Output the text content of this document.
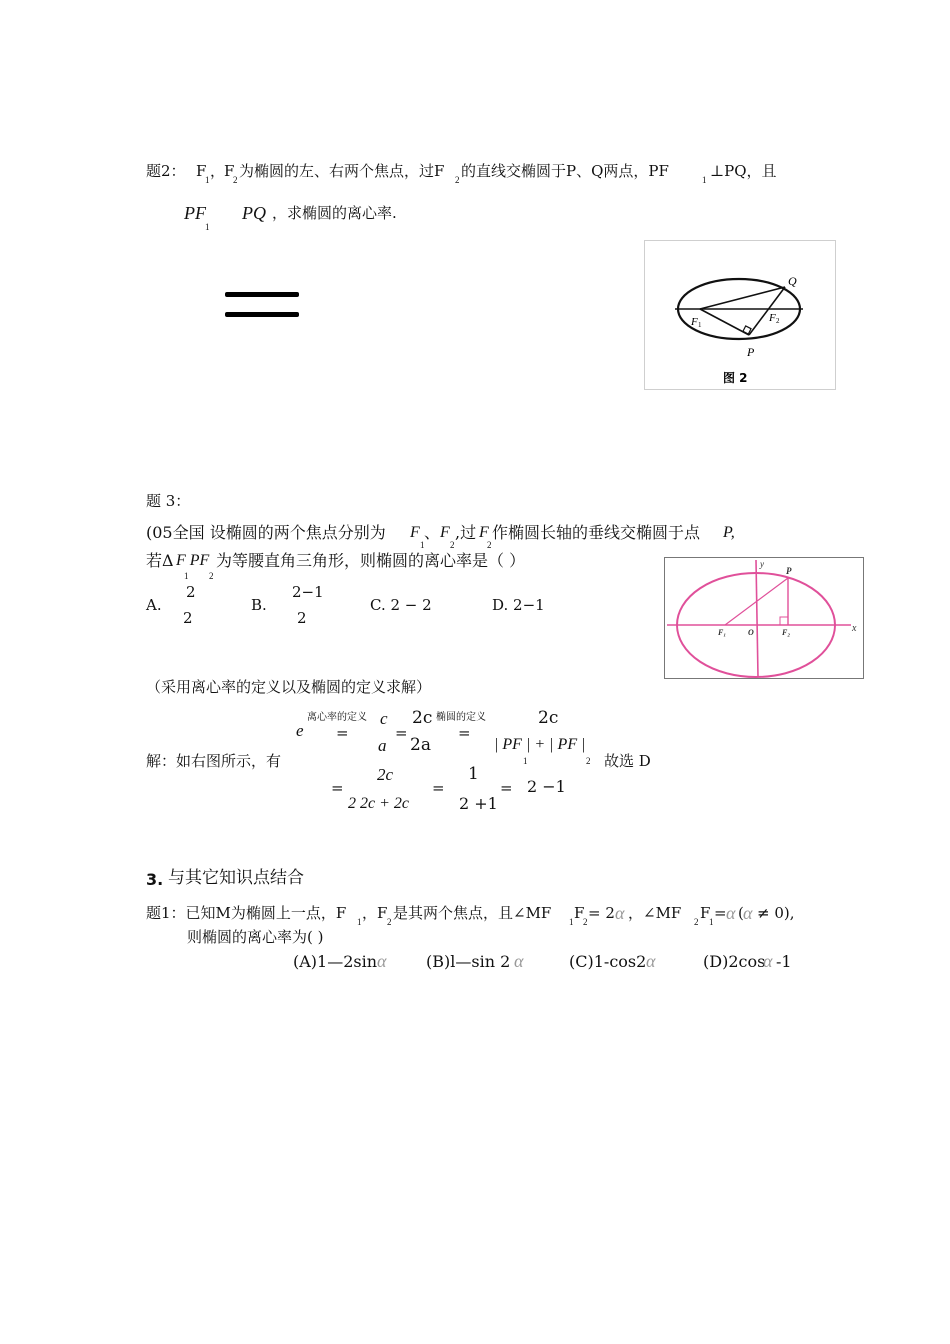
题2： F
1 ，
F
2 为椭圆的左、右两个焦点，过F 2 的直线交椭圆于P、Q两点，PF	1 ⊥PQ，且
PF
1
PQ ，求椭圆的离心率.
Q
F 1
F 2
P
图 2
题 3：
(05全国 设椭圆的两个焦点分别为 F
1
、 F
2
,过 F
2
作椭圆长轴的垂线交椭圆于点 P,
若Δ F PF
1 2
为等腰直角三角形，则椭圆的离心率是（ ）
A.
2
2
B.
2−1
2
C. 2 − 2	D. 2−1
y
P
x
F₁	O	F₂
（采用离心率的定义以及椭圆的定义求解）
e
离心率的定义
=
c
a
=
2c
2a
椭圆的定义
=
2c
| PF | + | PF |
1	2
解：如右图所示，有	故选 D
=
2c
2 2c + 2c
=
1
2 +1
= 2 −1
3. 与其它知识点结合
题1：已知M为椭圆上一点，F 1 ，F 2 是其两个焦点，且∠MF 1 F
2 = 2 α ，∠MF 2 F
1 = α ( α ≠ 0),
则椭圆的离心率为( )
(A)1—2sin α (B)l—sin 2 α	(C)1-cos2 α	(D)2cos
α -1
